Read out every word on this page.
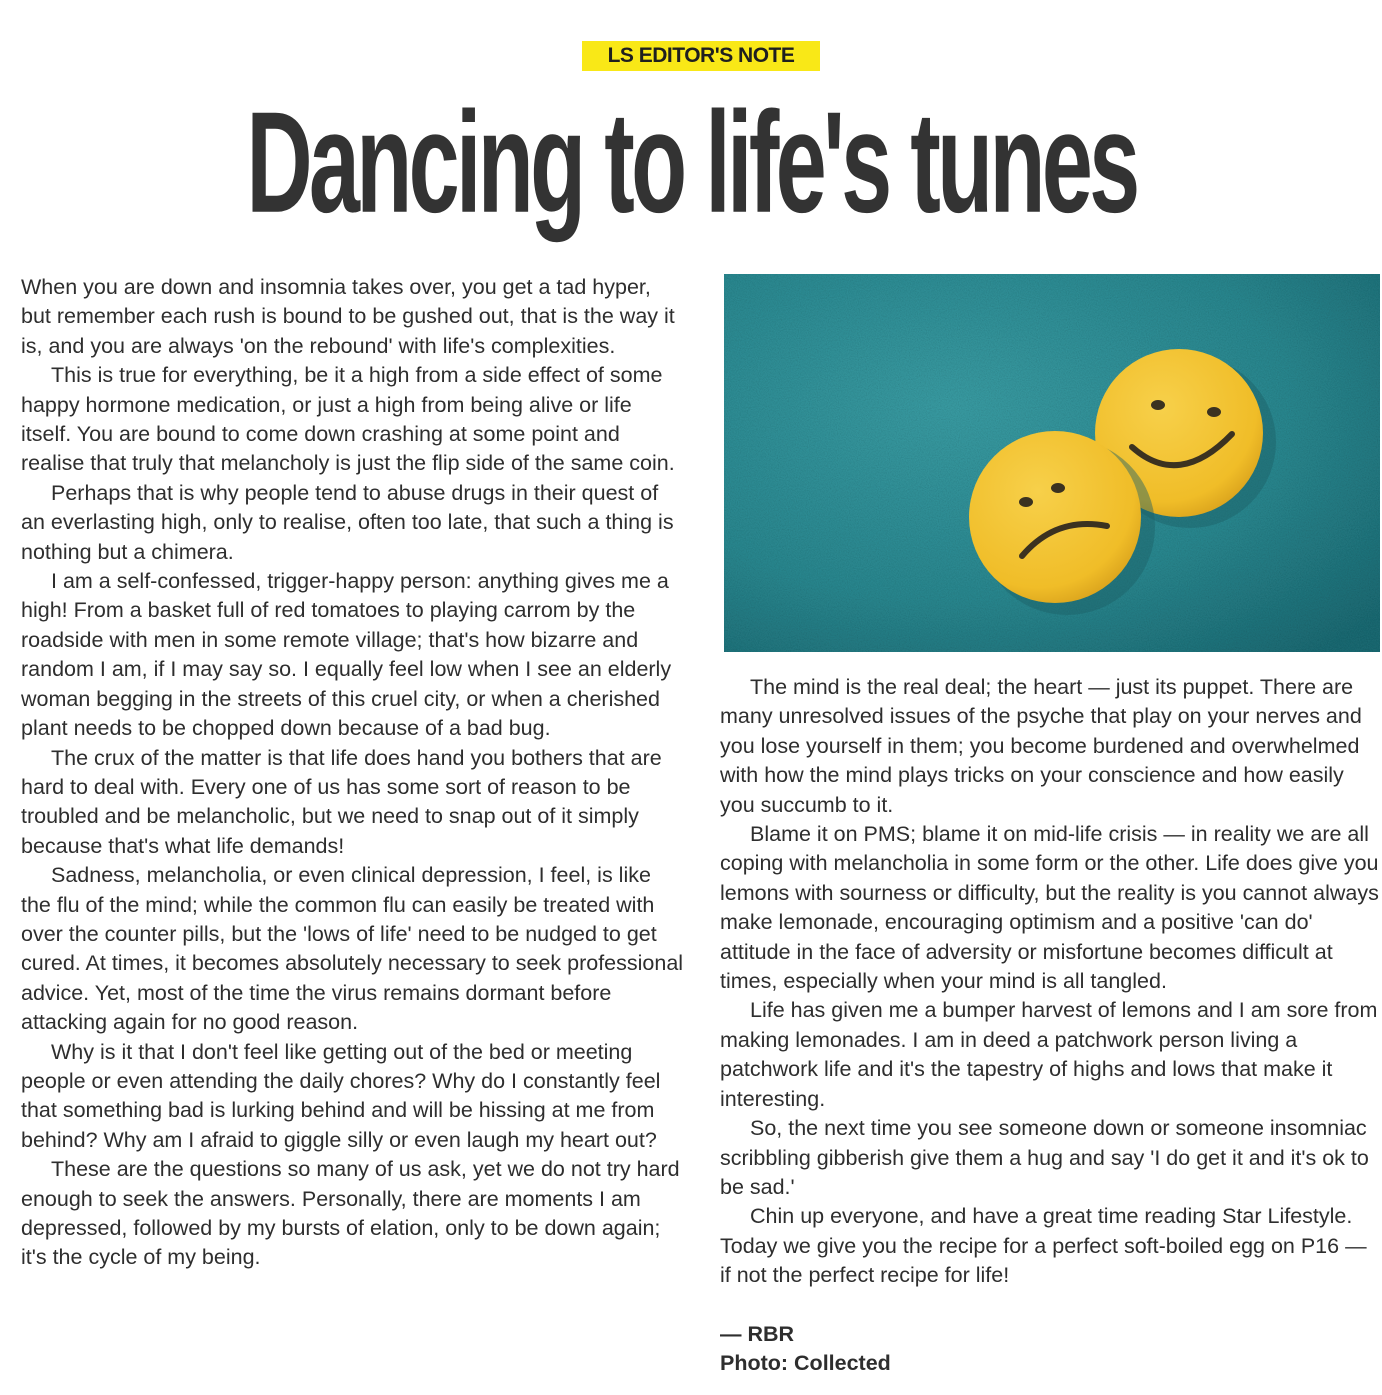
LS EDITOR'S NOTE
Dancing to life's tunes

When you are down and insomnia takes over, you get a tad hyper, but remember each rush is bound to be gushed out, that is the way it is, and you are always 'on the rebound' with life's complexities.

This is true for everything, be it a high from a side effect of some happy hormone medication, or just a high from being alive or life itself. You are bound to come down crashing at some point and realise that truly that melancholy is just the flip side of the same coin.

Perhaps that is why people tend to abuse drugs in their quest of an everlasting high, only to realise, often too late, that such a thing is nothing but a chimera.

I am a self-confessed, trigger-happy person: anything gives me a high! From a basket full of red tomatoes to playing carrom by the roadside with men in some remote village; that's how bizarre and random I am, if I may say so. I equally feel low when I see an elderly woman begging in the streets of this cruel city, or when a cherished plant needs to be chopped down because of a bad bug.

The crux of the matter is that life does hand you bothers that are hard to deal with. Every one of us has some sort of reason to be troubled and be melancholic, but we need to snap out of it simply because that's what life demands!

Sadness, melancholia, or even clinical depression, I feel, is like the flu of the mind; while the common flu can easily be treated with over the counter pills, but the 'lows of life' need to be nudged to get cured. At times, it becomes absolutely necessary to seek professional advice. Yet, most of the time the virus remains dormant before attacking again for no good reason.

Why is it that I don't feel like getting out of the bed or meeting people or even attending the daily chores? Why do I constantly feel that something bad is lurking behind and will be hissing at me from behind? Why am I afraid to giggle silly or even laugh my heart out?

These are the questions so many of us ask, yet we do not try hard enough to seek the answers. Personally, there are moments I am depressed, followed by my bursts of elation, only to be down again; it's the cycle of my being.

The mind is the real deal; the heart — just its puppet. There are many unresolved issues of the psyche that play on your nerves and you lose yourself in them; you become burdened and overwhelmed with how the mind plays tricks on your conscience and how easily you succumb to it.

Blame it on PMS; blame it on mid-life crisis — in reality we are all coping with melancholia in some form or the other. Life does give you lemons with sourness or difficulty, but the reality is you cannot always make lemonade, encouraging optimism and a positive 'can do' attitude in the face of adversity or misfortune becomes difficult at times, especially when your mind is all tangled.

Life has given me a bumper harvest of lemons and I am sore from making lemonades. I am in deed a patchwork person living a patchwork life and it's the tapestry of highs and lows that make it interesting.

So, the next time you see someone down or someone insomniac scribbling gibberish give them a hug and say 'I do get it and it's ok to be sad.'

Chin up everyone, and have a great time reading Star Lifestyle. Today we give you the recipe for a perfect soft-boiled egg on P16 — if not the perfect recipe for life!

— RBR
Photo: Collected
